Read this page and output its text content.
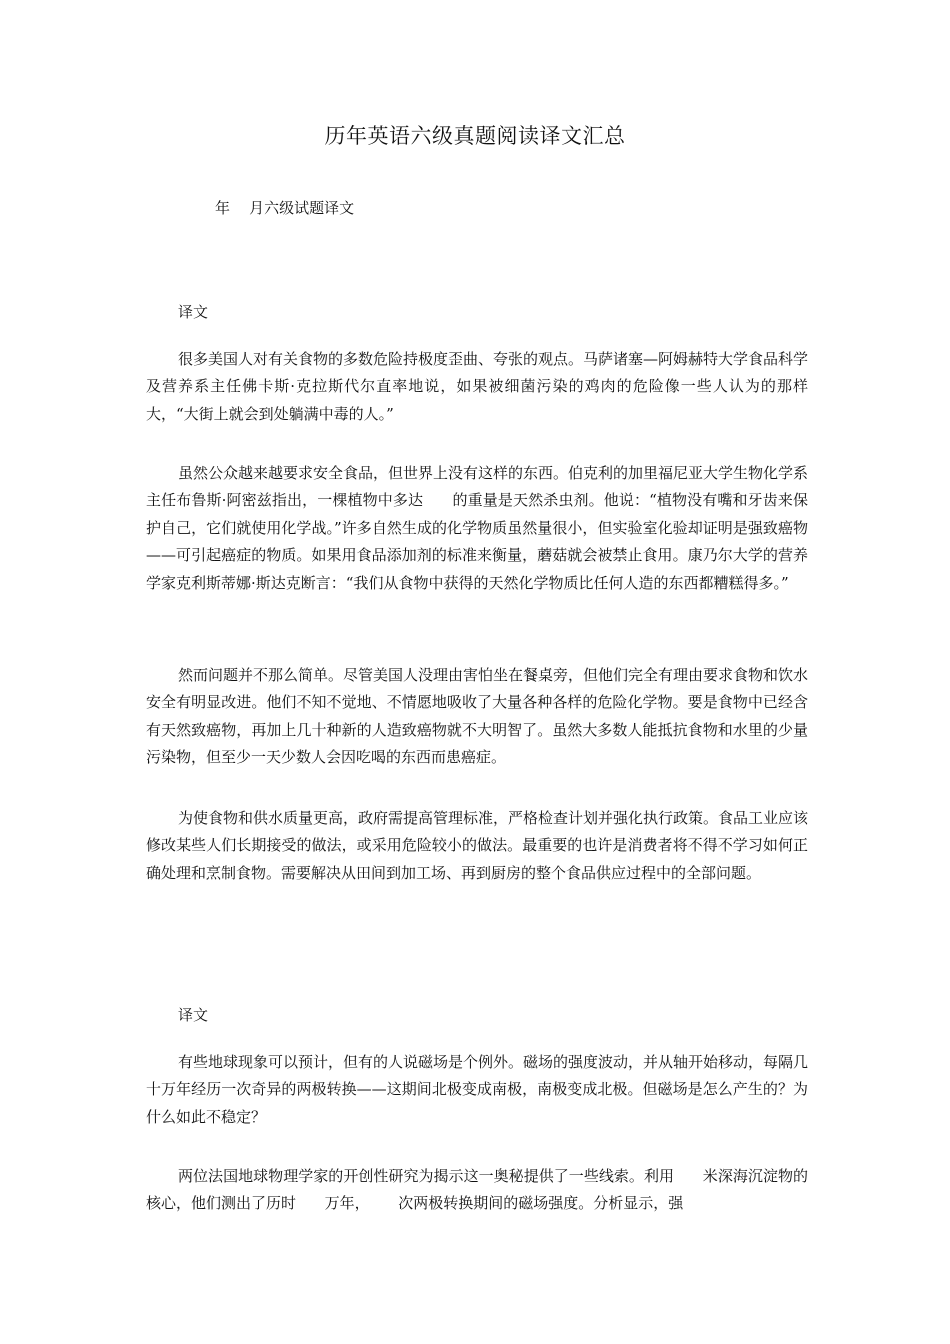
历年英语六级真题阅读译文汇总

年    月六级试题译文

译文

很多美国人对有关食物的多数危险持极度歪曲、夸张的观点。马萨诸塞—阿姆赫特大学食品科学及营养系主任佛卡斯·克拉斯代尔直率地说，如果被细菌污染的鸡肉的危险像一些人认为的那样大，“大街上就会到处躺满中毒的人。”

虽然公众越来越要求安全食品，但世界上没有这样的东西。伯克利的加里福尼亚大学生物化学系主任布鲁斯·阿密兹指出，一棵植物中多达      的重量是天然杀虫剂。他说：“植物没有嘴和牙齿来保护自己，它们就使用化学战。”许多自然生成的化学物质虽然量很小，但实验室化验却证明是强致癌物——可引起癌症的物质。如果用食品添加剂的标准来衡量，蘑菇就会被禁止食用。康乃尔大学的营养学家克利斯蒂娜·斯达克断言：“我们从食物中获得的天然化学物质比任何人造的东西都糟糕得多。”

然而问题并不那么简单。尽管美国人没理由害怕坐在餐桌旁，但他们完全有理由要求食物和饮水安全有明显改进。他们不知不觉地、不情愿地吸收了大量各种各样的危险化学物。要是食物中已经含有天然致癌物，再加上几十种新的人造致癌物就不大明智了。虽然大多数人能抵抗食物和水里的少量污染物，但至少一天少数人会因吃喝的东西而患癌症。

为使食物和供水质量更高，政府需提高管理标准，严格检查计划并强化执行政策。食品工业应该修改某些人们长期接受的做法，或采用危险较小的做法。最重要的也许是消费者将不得不学习如何正确处理和烹制食物。需要解决从田间到加工场、再到厨房的整个食品供应过程中的全部问题。

译文

有些地球现象可以预计，但有的人说磁场是个例外。磁场的强度波动，并从轴开始移动，每隔几十万年经历一次奇异的两极转换——这期间北极变成南极，南极变成北极。但磁场是怎么产生的？为什么如此不稳定？

两位法国地球物理学家的开创性研究为揭示这一奥秘提供了一些线索。利用      米深海沉淀物的核心，他们测出了历时      万年，      次两极转换期间的磁场强度。分析显示，强
